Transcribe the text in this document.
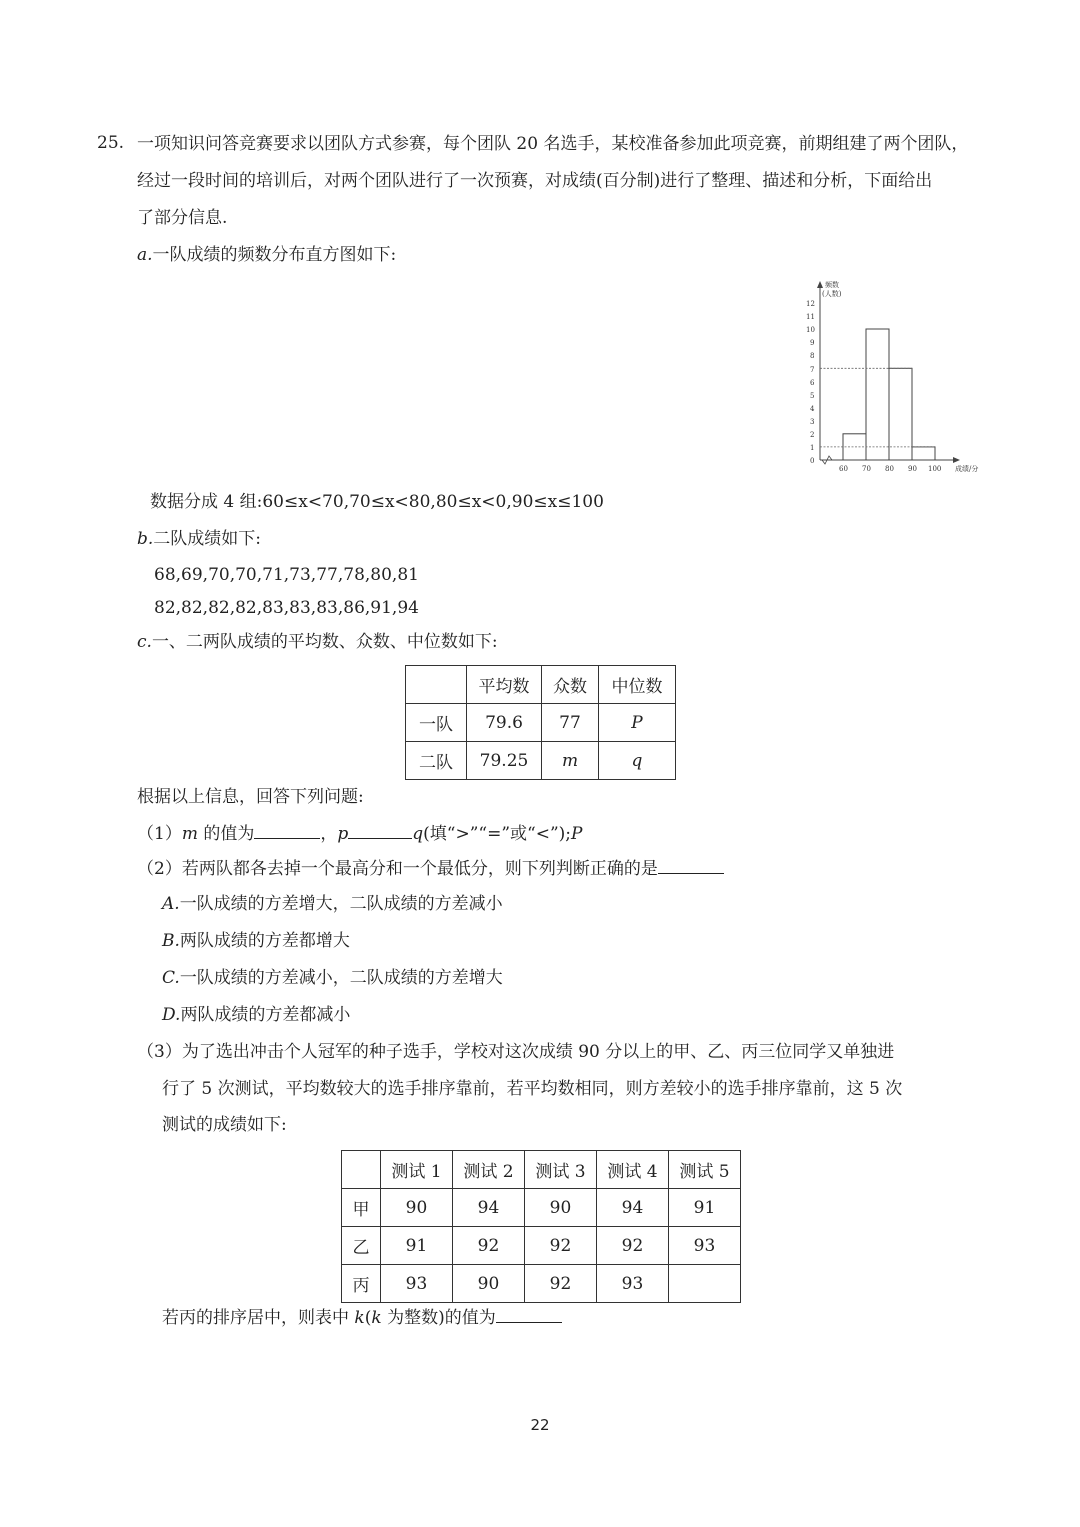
25. 一项知识问答竞赛要求以团队方式参赛，每个团队 20 名选手，某校准备参加此项竞赛，前期组建了两个团队，
经过一段时间的培训后，对两个团队进行了一次预赛，对成绩(百分制)进行了整理、描述和分析，下面给出
了部分信息.
a.一队成绩的频数分布直方图如下:
0
1
2
3
4
5
6
7
8
9
10
11
12
频数
(人数)
60 70 80 90 100 成绩/分
数据分成 4 组:60≤x<70,70≤x<80,80≤x<0,90≤x≤100
b.二队成绩如下:
68,69,70,70,71,73,77,78,80,81
82,82,82,82,83,83,83,86,91,94
c.一、二两队成绩的平均数、众数、中位数如下:
	平均数	众数	中位数
一队	79.6	77	P
二队	79.25	m	q
根据以上信息，回答下列问题:
（1）m 的值为	，p	q(填“>”“=”或“<”);P
（2）若两队都各去掉一个最高分和一个最低分，则下列判断正确的是
A.一队成绩的方差增大，二队成绩的方差减小
B.两队成绩的方差都增大
C.一队成绩的方差减小，二队成绩的方差增大
D.两队成绩的方差都减小
（3）为了选出冲击个人冠军的种子选手，学校对这次成绩 90 分以上的甲、乙、丙三位同学又单独进
行了 5 次测试，平均数较大的选手排序靠前，若平均数相同，则方差较小的选手排序靠前，这 5 次
测试的成绩如下:
	测试 1	测试 2	测试 3	测试 4	测试 5
甲	90	94	90	94	91
乙	91	92	92	92	93
丙	93	90	92	93	
若丙的排序居中，则表中 k(k 为整数)的值为
22
